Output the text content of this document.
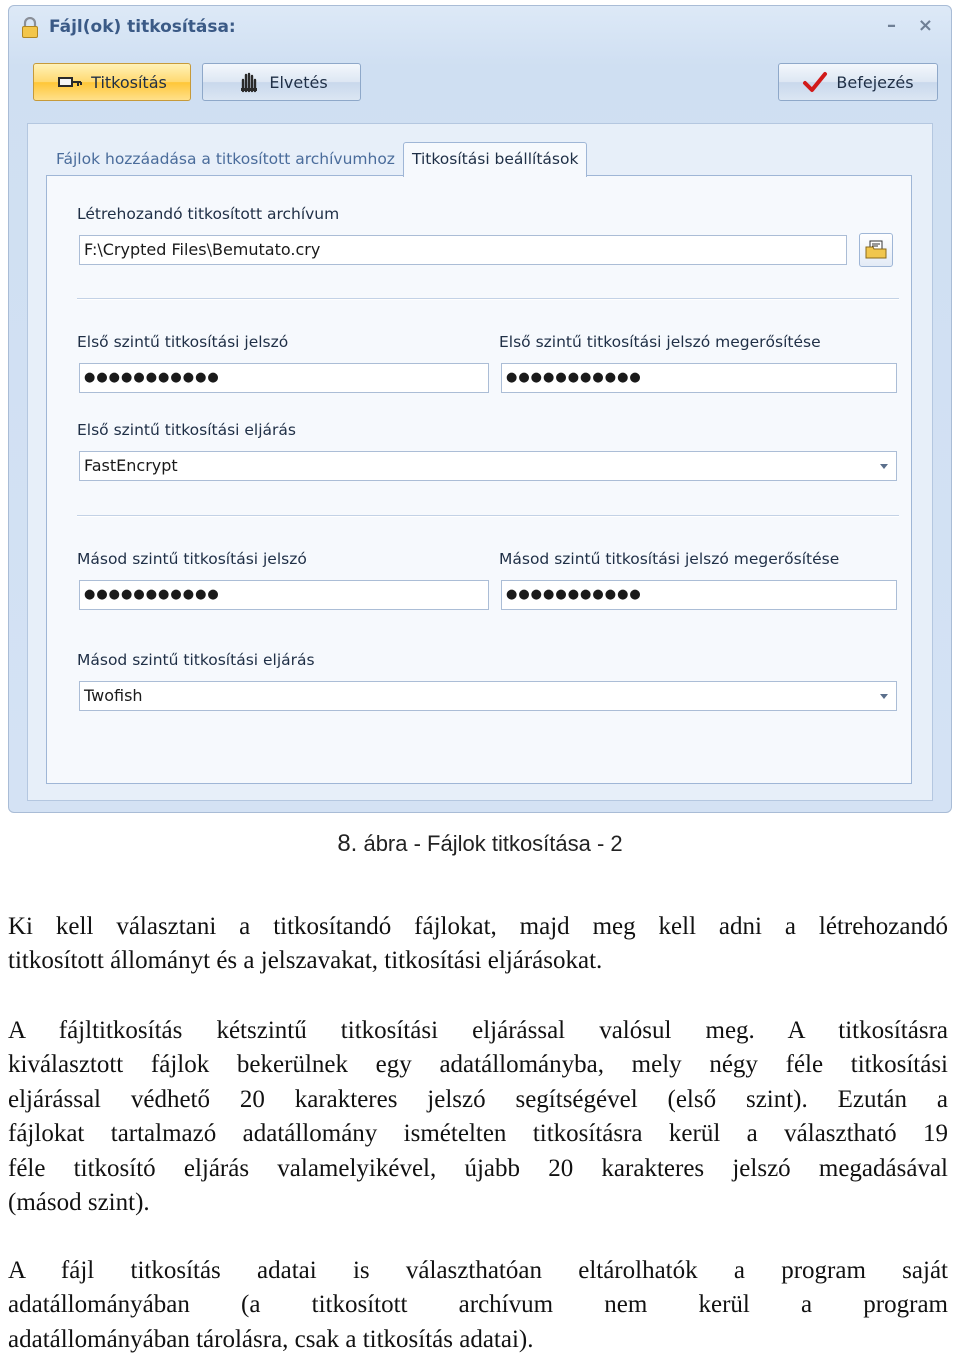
Fájl(ok) titkosítása:	– ×
Titkosítás	Elvetés	Befejezés
Fájlok hozzáadása a titkosított archívumhoz	Titkosítási beállítások
Létrehozandó titkosított archívum
F:\Crypted Files\Bemutato.cry
Első szintű titkosítási jelszó
●●●●●●●●●●●
Első szintű titkosítási jelszó megerősítése
●●●●●●●●●●●
Első szintű titkosítási eljárás
FastEncrypt
Másod szintű titkosítási jelszó
●●●●●●●●●●●
Másod szintű titkosítási jelszó megerősítése
●●●●●●●●●●●
Másod szintű titkosítási eljárás
Twofish
8. ábra - Fájlok titkosítása - 2

Ki kell választani a titkosítandó fájlokat, majd meg kell adni a létrehozandó
titkosított állományt és a jelszavakat, titkosítási eljárásokat.

A fájltitkosítás kétszintű titkosítási eljárással valósul meg. A titkosításra
kiválasztott fájlok bekerülnek egy adatállományba, mely négy féle titkosítási
eljárással védhető 20 karakteres jelszó segítségével (első szint). Ezután a
fájlokat tartalmazó adatállomány ismételten titkosításra kerül a választható 19
féle titkosító eljárás valamelyikével, újabb 20 karakteres jelszó megadásával
(másod szint).

A fájl titkosítás adatai is választhatóan eltárolhatók a program saját
adatállományában (a titkosított archívum nem kerül a program
adatállományában tárolásra, csak a titkosítás adatai).
